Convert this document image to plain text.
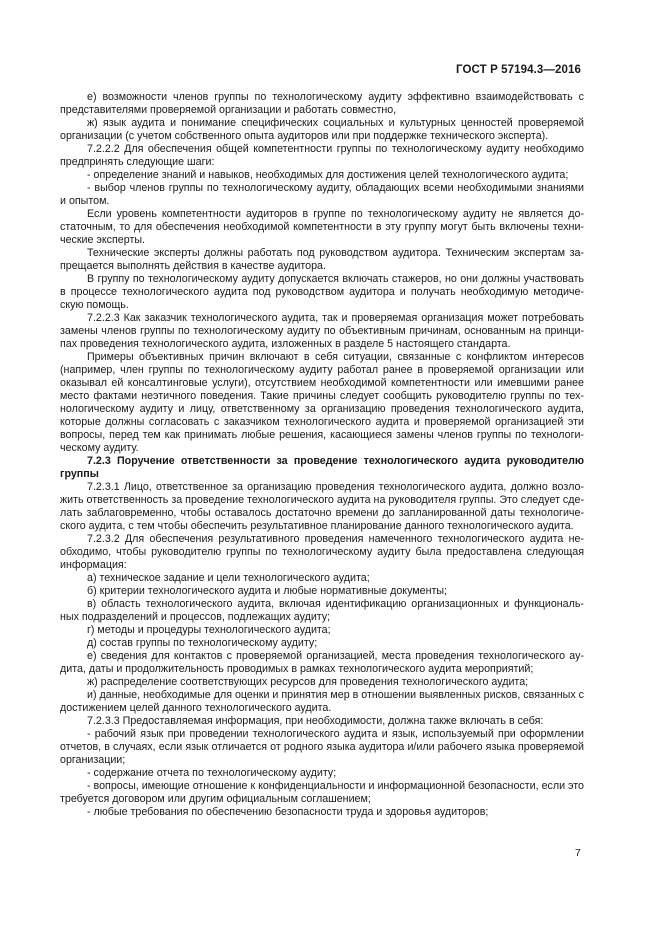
ГОСТ Р 57194.3—2016

е) возможности членов группы по технологическому аудиту эффективно взаимодействовать с представителями проверяемой организации и работать совместно,

ж) язык аудита и понимание специфических социальных и культурных ценностей проверяемой организации (с учетом собственного опыта аудиторов или при поддержке технического эксперта).

7.2.2.2 Для обеспечения общей компетентности группы по технологическому аудиту необходимо предпринять следующие шаги:

- определение знаний и навыков, необходимых для достижения целей технологического аудита;

- выбор членов группы по технологическому аудиту, обладающих всеми необходимыми знаниями и опытом.

Если уровень компетентности аудиторов в группе по технологическому аудиту не является до-статочным, то для обеспечения необходимой компетентности в эту группу могут быть включены техни-ческие эксперты.

Технические эксперты должны работать под руководством аудитора. Техническим экспертам за-прещается выполнять действия в качестве аудитора.

В группу по технологическому аудиту допускается включать стажеров, но они должны участвовать в процессе технологического аудита под руководством аудитора и получать необходимую методиче-скую помощь.

7.2.2.3 Как заказчик технологического аудита, так и проверяемая организация может потребовать замены членов группы по технологическому аудиту по объективным причинам, основанным на принци-пах проведения технологического аудита, изложенных в разделе 5 настоящего стандарта.

Примеры объективных причин включают в себя ситуации, связанные с конфликтом интересов (например, член группы по технологическому аудиту работал ранее в проверяемой организации или оказывал ей консалтинговые услуги), отсутствием необходимой компетентности или имевшими ранее место фактами неэтичного поведения. Такие причины следует сообщить руководителю группы по тех-нологическому аудиту и лицу, ответственному за организацию проведения технологического аудита, которые должны согласовать с заказчиком технологического аудита и проверяемой организацией эти вопросы, перед тем как принимать любые решения, касающиеся замены членов группы по технологи-ческому аудиту.

7.2.3 Поручение ответственности за проведение технологического аудита руководителю группы

7.2.3.1 Лицо, ответственное за организацию проведения технологического аудита, должно возло-жить ответственность за проведение технологического аудита на руководителя группы. Это следует сде-лать заблаговременно, чтобы оставалось достаточно времени до запланированной даты технологиче-ского аудита, с тем чтобы обеспечить результативное планирование данного технологического аудита.

7.2.3.2 Для обеспечения результативного проведения намеченного технологического аудита не-обходимо, чтобы руководителю группы по технологическому аудиту была предоставлена следующая информация:

а) техническое задание и цели технологического аудита;

б) критерии технологического аудита и любые нормативные документы;

в) область технологического аудита, включая идентификацию организационных и функциональ-ных подразделений и процессов, подлежащих аудиту;

г) методы и процедуры технологического аудита;

д) состав группы по технологическому аудиту;

е) сведения для контактов с проверяемой организацией, места проведения технологического ау-дита, даты и продолжительность проводимых в рамках технологического аудита мероприятий;

ж) распределение соответствующих ресурсов для проведения технологического аудита;

и) данные, необходимые для оценки и принятия мер в отношении выявленных рисков, связанных с достижением целей данного технологического аудита.

7.2.3.3 Предоставляемая информация, при необходимости, должна также включать в себя:

- рабочий язык при проведении технологического аудита и язык, используемый при оформлении отчетов, в случаях, если язык отличается от родного языка аудитора и/или рабочего языка проверяемой организации;

- содержание отчета по технологическому аудиту;

- вопросы, имеющие отношение к конфиденциальности и информационной безопасности, если это требуется договором или другим официальным соглашением;

- любые требования по обеспечению безопасности труда и здоровья аудиторов;

7
